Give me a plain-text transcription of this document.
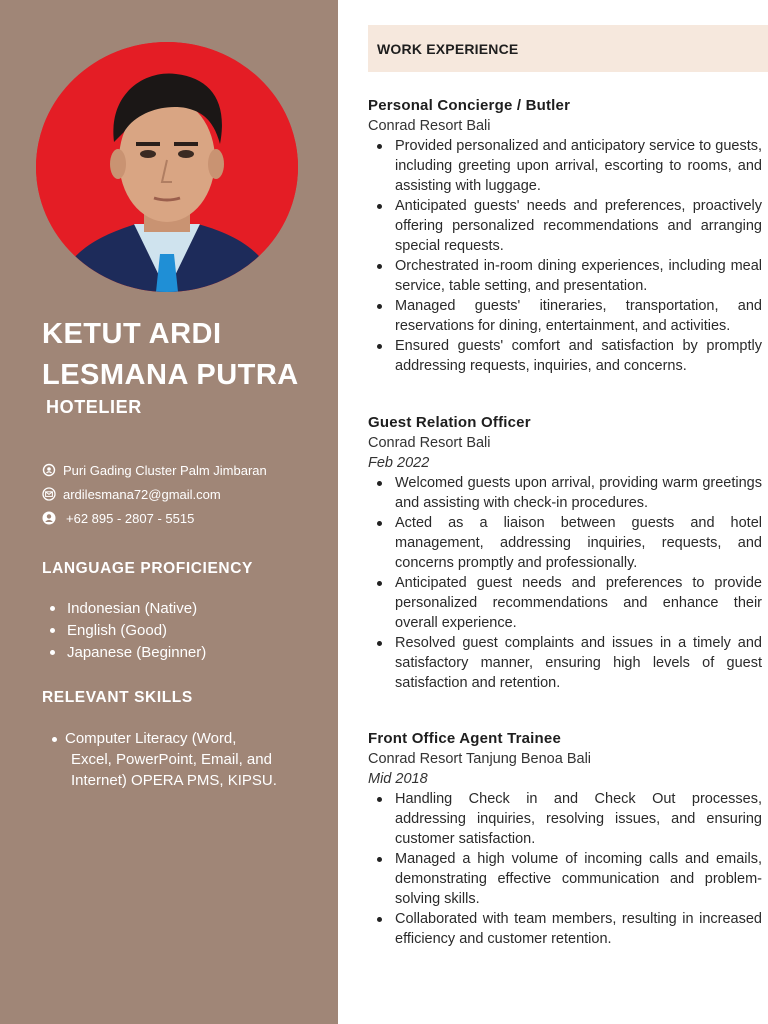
KETUT ARDI LESMANA PUTRA
HOTELIER
Puri Gading Cluster Palm Jimbaran
ardilesmana72@gmail.com
+62 895 - 2807 - 5515
LANGUAGE PROFICIENCY
Indonesian (Native)
English (Good)
Japanese (Beginner)
RELEVANT SKILLS
Computer Literacy (Word,
Excel, PowerPoint, Email, and
Internet) OPERA PMS, KIPSU.
WORK EXPERIENCE
Personal Concierge / Butler
Conrad Resort Bali
Provided personalized and anticipatory service to guests, including greeting upon arrival, escorting to rooms, and assisting with luggage.
Anticipated guests' needs and preferences, proactively offering personalized recommendations and arranging special requests.
Orchestrated in-room dining experiences, including meal service, table setting, and presentation.
Managed guests' itineraries, transportation, and reservations for dining, entertainment, and activities.
Ensured guests' comfort and satisfaction by promptly addressing requests, inquiries, and concerns.
Guest Relation Officer
Conrad Resort Bali
Feb 2022
Welcomed guests upon arrival, providing warm greetings and assisting with check-in procedures.
Acted as a liaison between guests and hotel management, addressing inquiries, requests, and concerns promptly and professionally.
Anticipated guest needs and preferences to provide personalized recommendations and enhance their overall experience.
Resolved guest complaints and issues in a timely and satisfactory manner, ensuring high levels of guest satisfaction and retention.
Front Office Agent Trainee
Conrad Resort Tanjung Benoa Bali
Mid 2018
Handling Check in and Check Out processes, addressing inquiries, resolving issues, and ensuring customer satisfaction.
Managed a high volume of incoming calls and emails, demonstrating effective communication and problem-solving skills.
Collaborated with team members, resulting in increased efficiency and customer retention.
